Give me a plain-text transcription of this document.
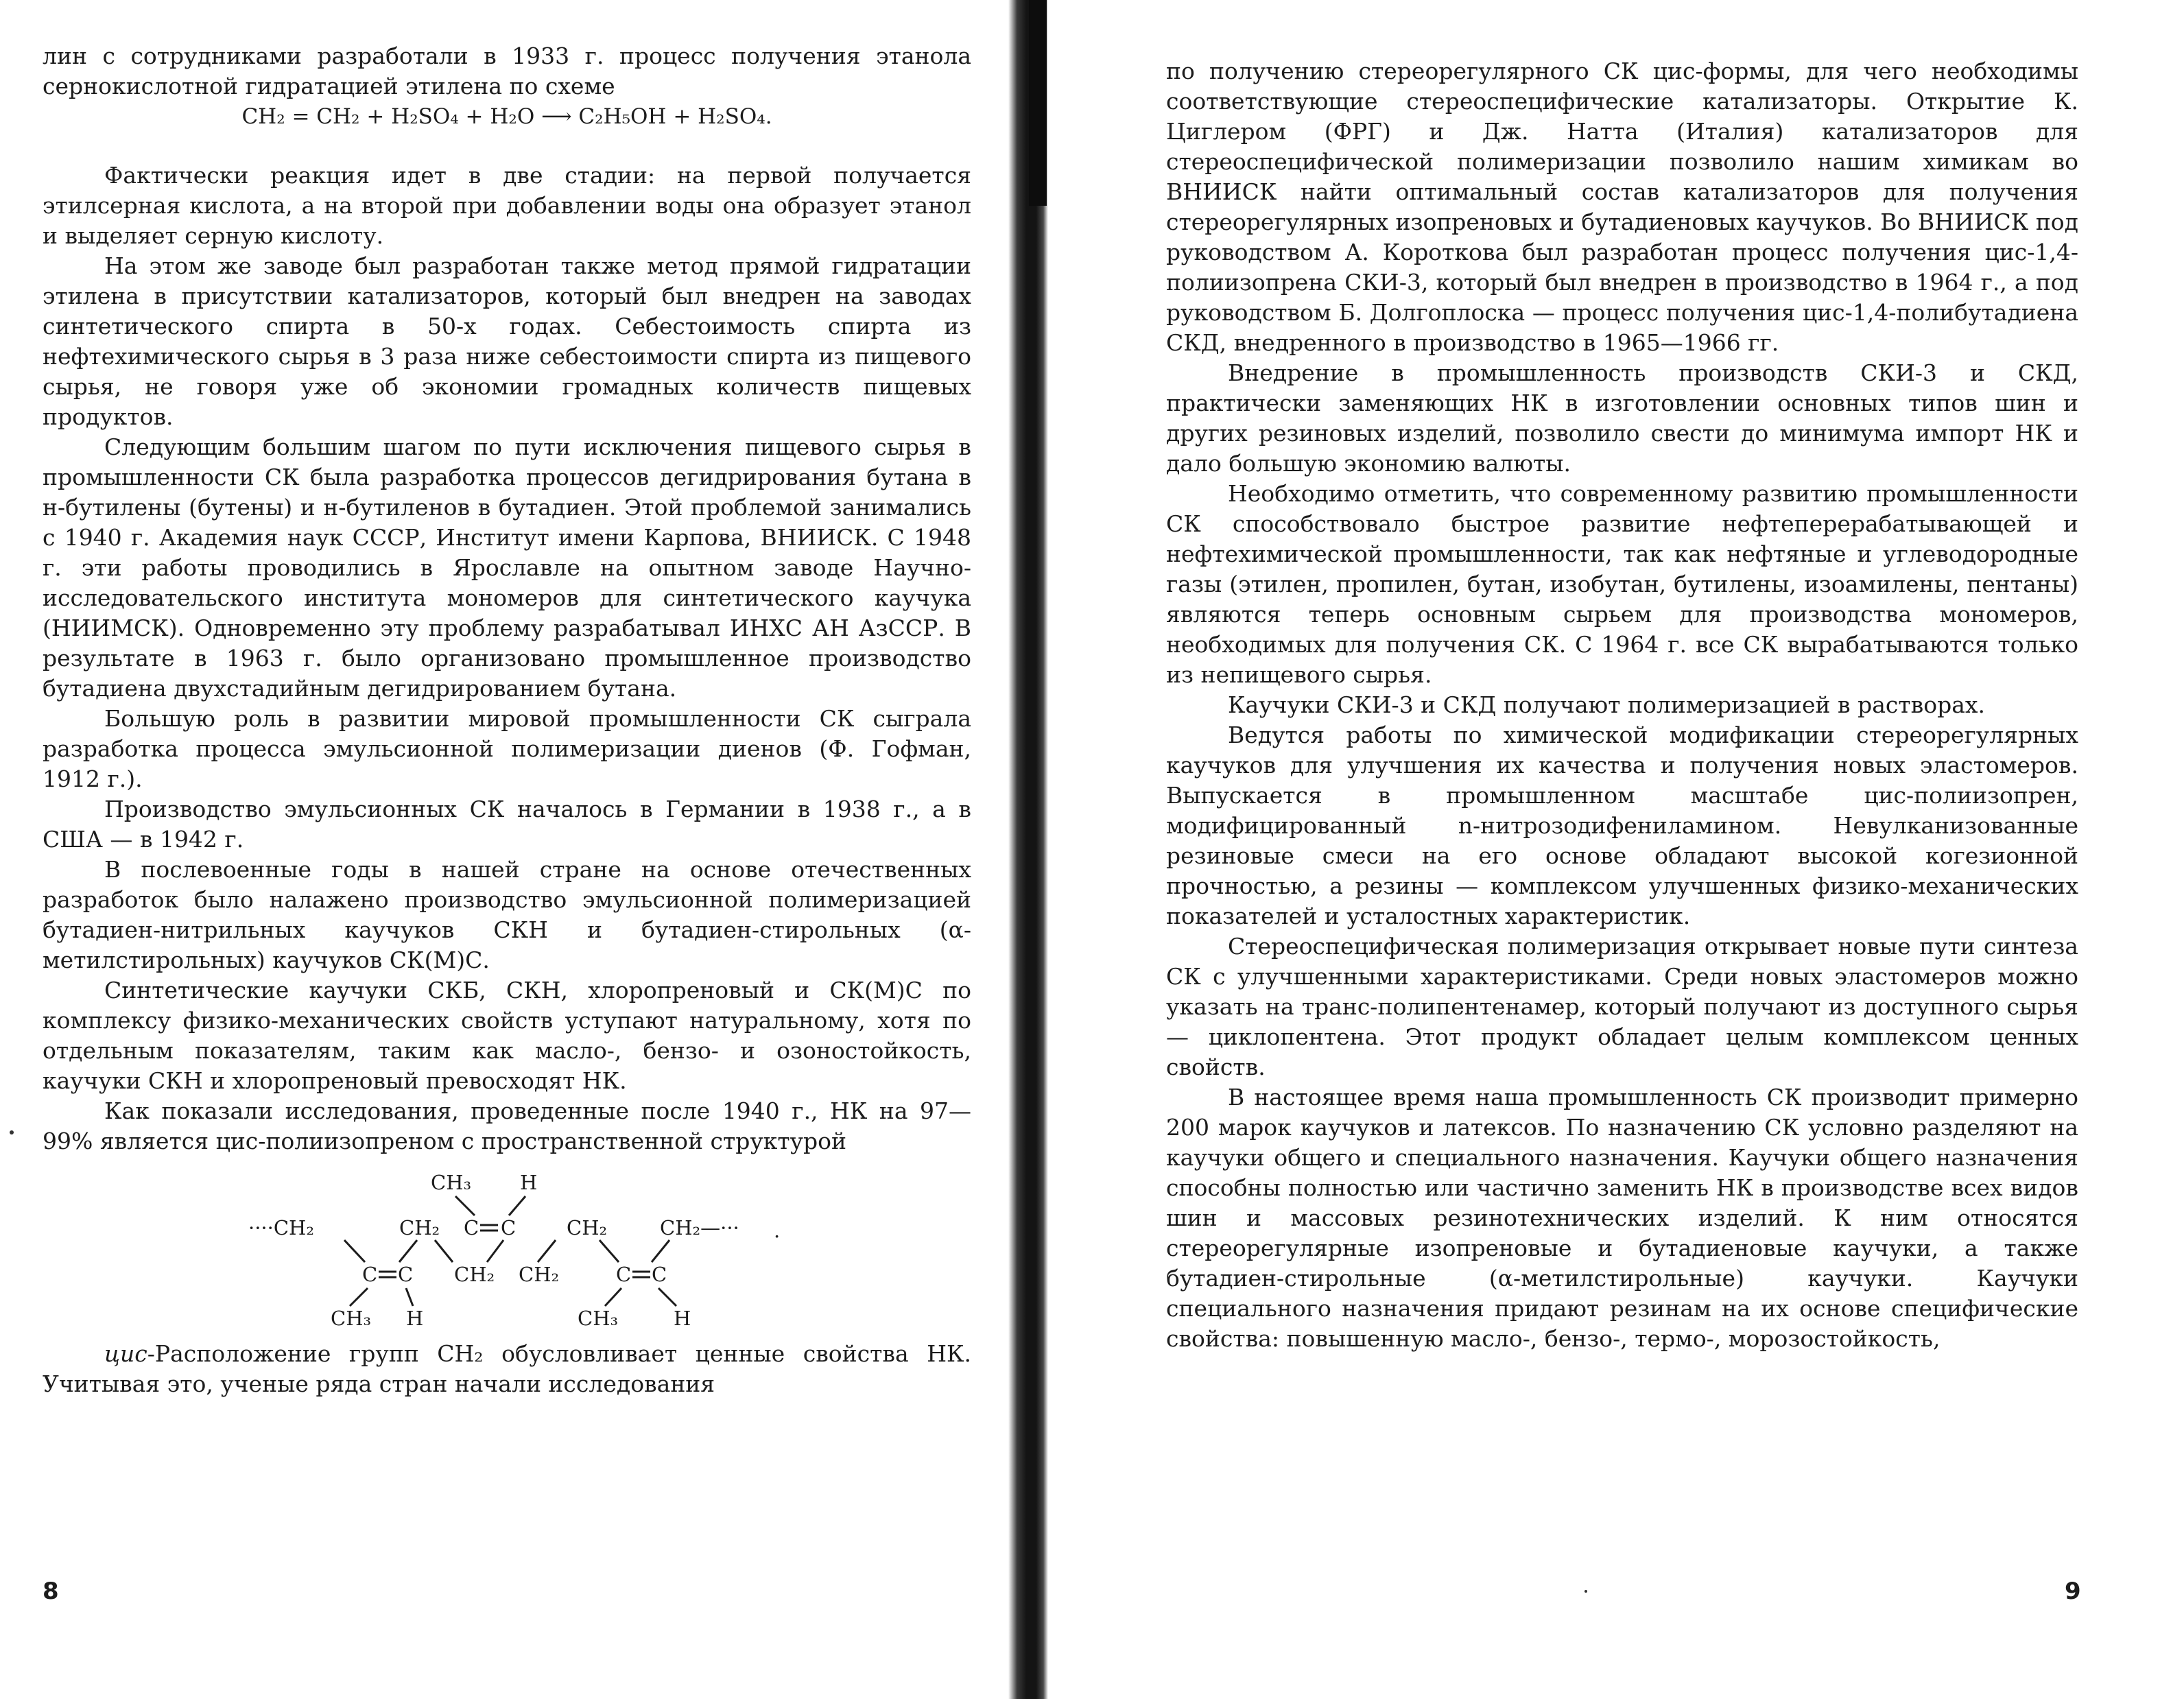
лин с сотрудниками разработали в 1933 г. процесс получения этанола сернокислотной гидратацией этилена по схеме

CH₂ = CH₂ + H₂SO₄ + H₂O ⟶ C₂H₅OH + H₂SO₄.

Фактически реакция идет в две стадии: на первой получается этилсерная кислота, а на второй при добавлении воды она образует этанол и выделяет серную кислоту.

На этом же заводе был разработан также метод прямой гидратации этилена в присутствии катализаторов, который был внедрен на заводах синтетического спирта в 50-х годах. Себестоимость спирта из нефтехимического сырья в 3 раза ниже себестоимости спирта из пищевого сырья, не говоря уже об экономии громадных количеств пищевых продуктов.

Следующим большим шагом по пути исключения пищевого сырья в промышленности СК была разработка процессов дегидрирования бутана в н-бутилены (бутены) и н-бутиленов в бутадиен. Этой проблемой занимались с 1940 г. Академия наук СССР, Институт имени Карпова, ВНИИСК. С 1948 г. эти работы проводились в Ярославле на опытном заводе Научно-исследовательского института мономеров для синтетического каучука (НИИМСК). Одновременно эту проблему разрабатывал ИНХС АН АзССР. В результате в 1963 г. было организовано промышленное производство бутадиена двухстадийным дегидрированием бутана.

Большую роль в развитии мировой промышленности СК сыграла разработка процесса эмульсионной полимеризации диенов (Ф. Гофман, 1912 г.).

Производство эмульсионных СК началось в Германии в 1938 г., а в США — в 1942 г.

В послевоенные годы в нашей стране на основе отечественных разработок было налажено производство эмульсионной полимеризацией бутадиен-нитрильных каучуков СКН и бутадиен-стирольных (α-метилстирольных) каучуков СК(М)С.

Синтетические каучуки СКБ, СКН, хлоропреновый и СК(М)С по комплексу физико-механических свойств уступают натуральному, хотя по отдельным показателям, таким как масло-, бензо- и озоностойкость, каучуки СКН и хлоропреновый превосходят НК.

Как показали исследования, проведенные после 1940 г., НК на 97—99% является цис-полиизопреном с пространственной структурой

CH₃ H
····CH₂	CH₂ C C	CH₂	CH₂—··· .
C C CH₂ CH₂	C C
CH₃ H	CH₃	H

цис-Расположение групп CH₂ обусловливает ценные свойства НК. Учитывая это, ученые ряда стран начали исследования

8

по получению стереорегулярного СК цис-формы, для чего необходимы соответствующие стереоспецифические катализаторы. Открытие К. Циглером (ФРГ) и Дж. Натта (Италия) катализаторов для стереоспецифической полимеризации позволило нашим химикам во ВНИИСК найти оптимальный состав катализаторов для получения стереорегулярных изопреновых и бутадиеновых каучуков. Во ВНИИСК под руководством А. Короткова был разработан процесс получения цис-1,4-полиизопрена СКИ-3, который был внедрен в производство в 1964 г., а под руководством Б. Долгоплоска — процесс получения цис-1,4-полибутадиена СКД, внедренного в производство в 1965—1966 гг.

Внедрение в промышленность производств СКИ-3 и СКД, практически заменяющих НК в изготовлении основных типов шин и других резиновых изделий, позволило свести до минимума импорт НК и дало большую экономию валюты.

Необходимо отметить, что современному развитию промышленности СК способствовало быстрое развитие нефтеперерабатывающей и нефтехимической промышленности, так как нефтяные и углеводородные газы (этилен, пропилен, бутан, изобутан, бутилены, изоамилены, пентаны) являются теперь основным сырьем для производства мономеров, необходимых для получения СК. С 1964 г. все СК вырабатываются только из непищевого сырья.

Каучуки СКИ-3 и СКД получают полимеризацией в растворах.

Ведутся работы по химической модификации стереорегулярных каучуков для улучшения их качества и получения новых эластомеров. Выпускается в промышленном масштабе цис-полиизопрен, модифицированный n-нитрозодифениламином. Невулканизованные резиновые смеси на его основе обладают высокой когезионной прочностью, а резины — комплексом улучшенных физико-механических показателей и усталостных характеристик.

Стереоспецифическая полимеризация открывает новые пути синтеза СК с улучшенными характеристиками. Среди новых эластомеров можно указать на транс-полипентенамер, который получают из доступного сырья — циклопентена. Этот продукт обладает целым комплексом ценных свойств.

В настоящее время наша промышленность СК производит примерно 200 марок каучуков и латексов. По назначению СК условно разделяют на каучуки общего и специального назначения. Каучуки общего назначения способны полностью или частично заменить НК в производстве всех видов шин и массовых резинотехнических изделий. К ним относятся стереорегулярные изопреновые и бутадиеновые каучуки, а также бутадиен-стирольные (α-метилстирольные) каучуки. Каучуки специального назначения придают резинам на их основе специфические свойства: повышенную масло-, бензо-, термо-, морозостойкость,

9
